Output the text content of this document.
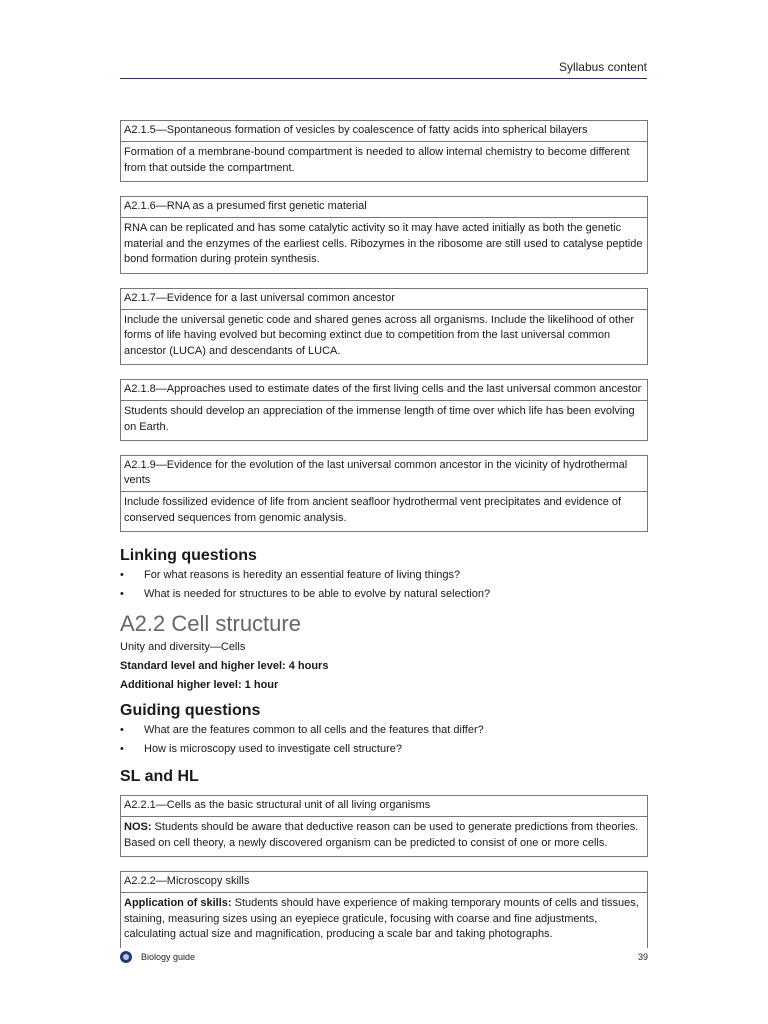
Syllabus content
A2.1.5—Spontaneous formation of vesicles by coalescence of fatty acids into spherical bilayers
Formation of a membrane-bound compartment is needed to allow internal chemistry to become different from that outside the compartment.
A2.1.6—RNA as a presumed first genetic material
RNA can be replicated and has some catalytic activity so it may have acted initially as both the genetic material and the enzymes of the earliest cells. Ribozymes in the ribosome are still used to catalyse peptide bond formation during protein synthesis.
A2.1.7—Evidence for a last universal common ancestor
Include the universal genetic code and shared genes across all organisms. Include the likelihood of other forms of life having evolved but becoming extinct due to competition from the last universal common ancestor (LUCA) and descendants of LUCA.
A2.1.8—Approaches used to estimate dates of the first living cells and the last universal common ancestor
Students should develop an appreciation of the immense length of time over which life has been evolving on Earth.
A2.1.9—Evidence for the evolution of the last universal common ancestor in the vicinity of hydrothermal vents
Include fossilized evidence of life from ancient seafloor hydrothermal vent precipitates and evidence of conserved sequences from genomic analysis.
Linking questions
• For what reasons is heredity an essential feature of living things?
• What is needed for structures to be able to evolve by natural selection?
A2.2 Cell structure
Unity and diversity—Cells
Standard level and higher level: 4 hours
Additional higher level: 1 hour
Guiding questions
• What are the features common to all cells and the features that differ?
• How is microscopy used to investigate cell structure?
SL and HL
A2.2.1—Cells as the basic structural unit of all living organisms
NOS: Students should be aware that deductive reason can be used to generate predictions from theories. Based on cell theory, a newly discovered organism can be predicted to consist of one or more cells.
A2.2.2—Microscopy skills
Application of skills: Students should have experience of making temporary mounts of cells and tissues, staining, measuring sizes using an eyepiece graticule, focusing with coarse and fine adjustments, calculating actual size and magnification, producing a scale bar and taking photographs.
Biology guide	39
